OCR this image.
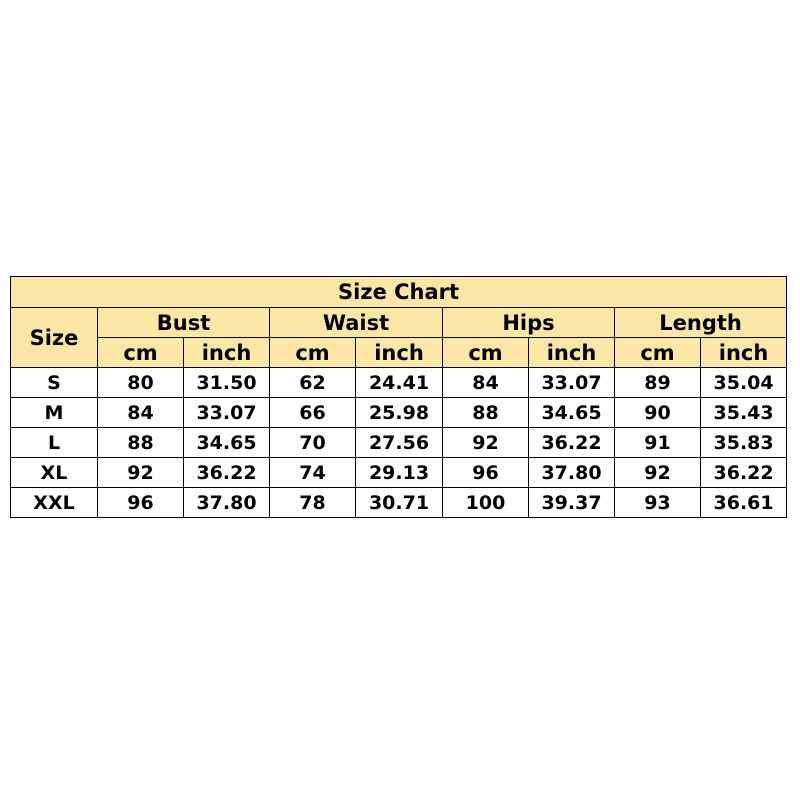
Size Chart								
Size	Bust		Waist		Hips		Length	
	cm	inch	cm	inch	cm	inch	cm	inch
S	80	31.50	62	24.41	84	33.07	89	35.04
M	84	33.07	66	25.98	88	34.65	90	35.43
L	88	34.65	70	27.56	92	36.22	91	35.83
XL	92	36.22	74	29.13	96	37.80	92	36.22
XXL	96	37.80	78	30.71	100	39.37	93	36.61
